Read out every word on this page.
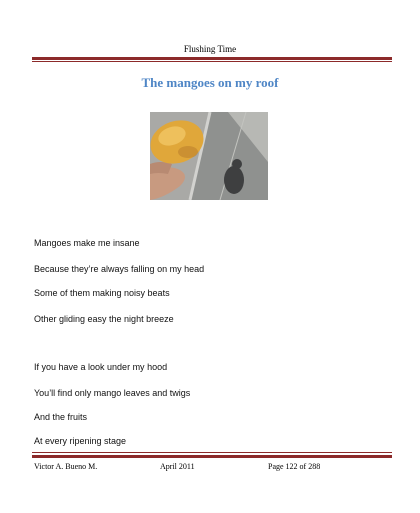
Flushing Time
The mangoes on my roof
Mangoes make me insane
Because they’re always falling on my head
Some of them making noisy beats
Other gliding easy the night breeze
If you have a look under my hood
You’ll find only mango leaves and twigs
And the fruits
At every ripening stage
Victor A. Bueno M.	April 2011	Page 122 of 288
